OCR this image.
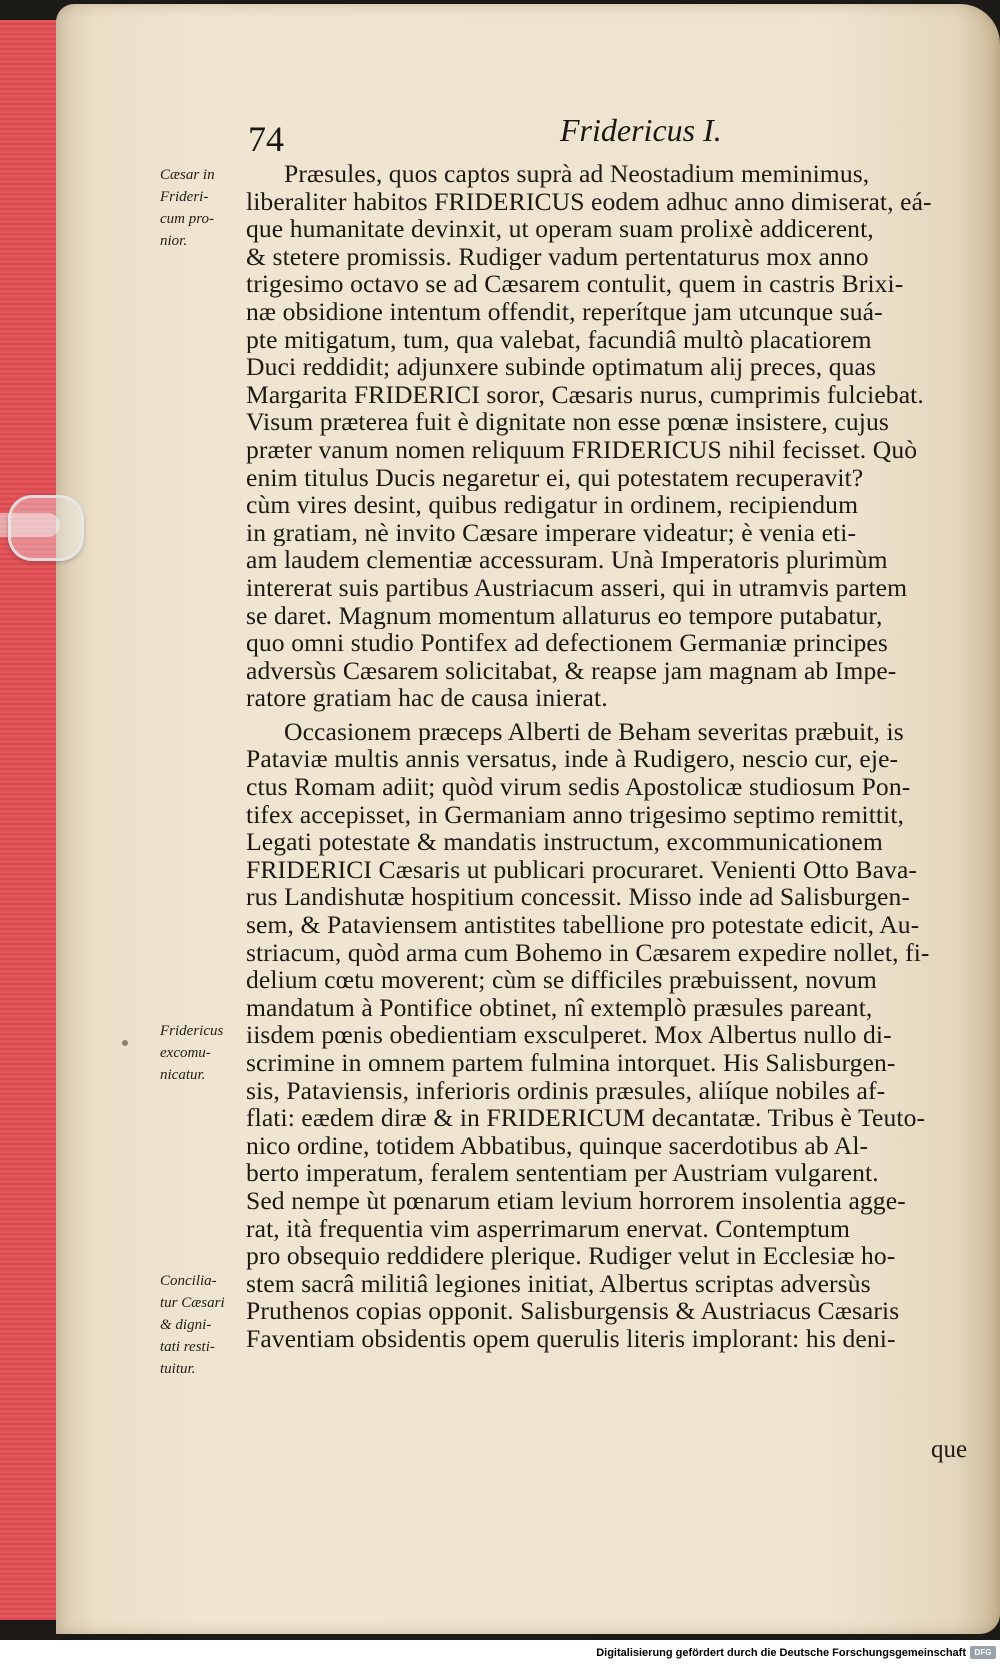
74	Fridericus I.
Cæsar in
Frideri-
cum pro-
nior.
Fridericus
excomu-
nicatur.
Concilia-
tur Cæsari
& digni-
tati resti-
tuitur.
Præsules, quos captos suprà ad Neostadium meminimus,
liberaliter habitos FRIDERICUS eodem adhuc anno dimiserat, eá-
que humanitate devinxit, ut operam suam prolixè addicerent,
& stetere promissis. Rudiger vadum pertentaturus mox anno
trigesimo octavo se ad Cæsarem contulit, quem in castris Brixi-
næ obsidione intentum offendit, reperítque jam utcunque suá-
pte mitigatum, tum, qua valebat, facundiâ multò placatiorem
Duci reddidit; adjunxere subinde optimatum alij preces, quas
Margarita FRIDERICI soror, Cæsaris nurus, cumprimis fulciebat.
Visum præterea fuit è dignitate non esse pœnæ insistere, cujus
præter vanum nomen reliquum FRIDERICUS nihil fecisset. Quò
enim titulus Ducis negaretur ei, qui potestatem recuperavit?
cùm vires desint, quibus redigatur in ordinem, recipiendum
in gratiam, nè invito Cæsare imperare videatur; è venia eti-
am laudem clementiæ accessuram. Unà Imperatoris plurimùm
intererat suis partibus Austriacum asseri, qui in utramvis partem
se daret. Magnum momentum allaturus eo tempore putabatur,
quo omni studio Pontifex ad defectionem Germaniæ principes
adversùs Cæsarem solicitabat, & reapse jam magnam ab Impe-
ratore gratiam hac de causa inierat.
Occasionem præceps Alberti de Beham severitas præbuit, is
Pataviæ multis annis versatus, inde à Rudigero, nescio cur, eje-
ctus Romam adiit; quòd virum sedis Apostolicæ studiosum Pon-
tifex accepisset, in Germaniam anno trigesimo septimo remittit,
Legati potestate & mandatis instructum, excommunicationem
FRIDERICI Cæsaris ut publicari procuraret. Venienti Otto Bava-
rus Landishutæ hospitium concessit. Misso inde ad Salisburgen-
sem, & Pataviensem antistites tabellione pro potestate edicit, Au-
striacum, quòd arma cum Bohemo in Cæsarem expedire nollet, fi-
delium cœtu moverent; cùm se difficiles præbuissent, novum
mandatum à Pontifice obtinet, nî extemplò præsules pareant,
iisdem pœnis obedientiam exsculperet. Mox Albertus nullo di-
scrimine in omnem partem fulmina intorquet. His Salisburgen-
sis, Pataviensis, inferioris ordinis præsules, aliíque nobiles af-
flati: eædem diræ & in FRIDERICUM decantatæ. Tribus è Teuto-
nico ordine, totidem Abbatibus, quinque sacerdotibus ab Al-
berto imperatum, feralem sententiam per Austriam vulgarent.
Sed nempe ùt pœnarum etiam levium horrorem insolentia agge-
rat, ità frequentia vim asperrimarum enervat. Contemptum
pro obsequio reddidere plerique. Rudiger velut in Ecclesiæ ho-
stem sacrâ militiâ legiones initiat, Albertus scriptas adversùs
Pruthenos copias opponit. Salisburgensis & Austriacus Cæsaris
Faventiam obsidentis opem querulis literis implorant: his deni-
que
Digitalisierung gefördert durch die Deutsche Forschungsgemeinschaft	DFG
